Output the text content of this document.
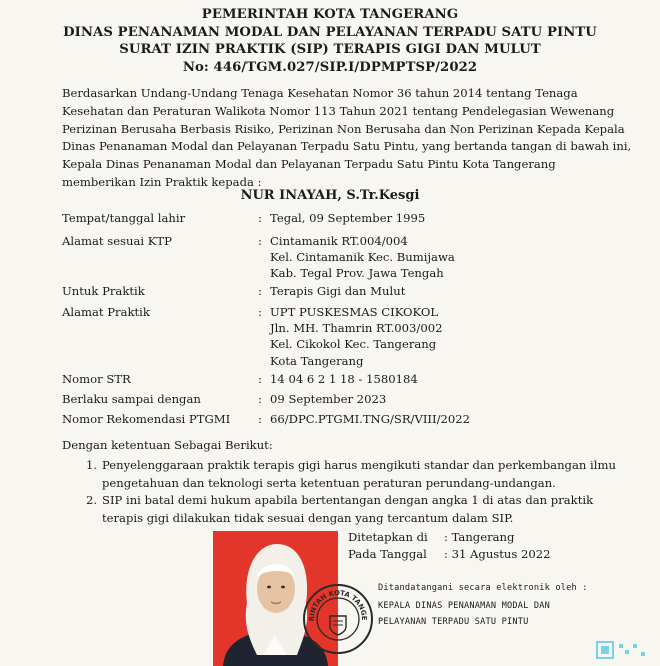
PEMERINTAH KOTA TANGERANG
DINAS PENANAMAN MODAL DAN PELAYANAN TERPADU SATU PINTU
SURAT IZIN PRAKTIK (SIP) TERAPIS GIGI DAN MULUT
No: 446/TGM.027/SIP.I/DPMPTSP/2022
Berdasarkan Undang-Undang Tenaga Kesehatan Nomor 36 tahun 2014 tentang Tenaga
Kesehatan dan Peraturan Walikota Nomor 113 Tahun 2021 tentang Pendelegasian Wewenang
Perizinan Berusaha Berbasis Risiko, Perizinan Non Berusaha dan Non Perizinan Kepada Kepala
Dinas Penanaman Modal dan Pelayanan Terpadu Satu Pintu, yang bertanda tangan di bawah ini,
Kepala Dinas Penanaman Modal dan Pelayanan Terpadu Satu Pintu Kota Tangerang
memberikan Izin Praktik kepada :
NUR INAYAH, S.Tr.Kesgi
Tempat/tanggal lahir	: Tegal, 09 September 1995
Alamat sesuai KTP	: Cintamanik RT.004/004
Kel. Cintamanik Kec. Bumijawa
Kab. Tegal Prov. Jawa Tengah
Untuk Praktik	: Terapis Gigi dan Mulut
Alamat Praktik	: UPT PUSKESMAS CIKOKOL
Jln. MH. Thamrin RT.003/002
Kel. Cikokol Kec. Tangerang
Kota Tangerang
Nomor STR	: 14 04 6 2 1 18 - 1580184
Berlaku sampai dengan	: 09 September 2023
Nomor Rekomendasi PTGMI : 66/DPC.PTGMI.TNG/SR/VIII/2022
Dengan ketentuan Sebagai Berikut:
1. Penyelenggaraan praktik terapis gigi harus mengikuti standar dan perkembangan ilmu
pengetahuan dan teknologi serta ketentuan peraturan perundang-undangan.
2. SIP ini batal demi hukum apabila bertentangan dengan angka 1 di atas dan praktik
terapis gigi dilakukan tidak sesuai dengan yang tercantum dalam SIP.
RINTAH KOTA TANGE
Ditetapkan di : Tangerang
Pada Tanggal : 31 Agustus 2022
Ditandatangani secara elektronik oleh :
KEPALA DINAS PENANAMAN MODAL DAN
PELAYANAN TERPADU SATU PINTU
